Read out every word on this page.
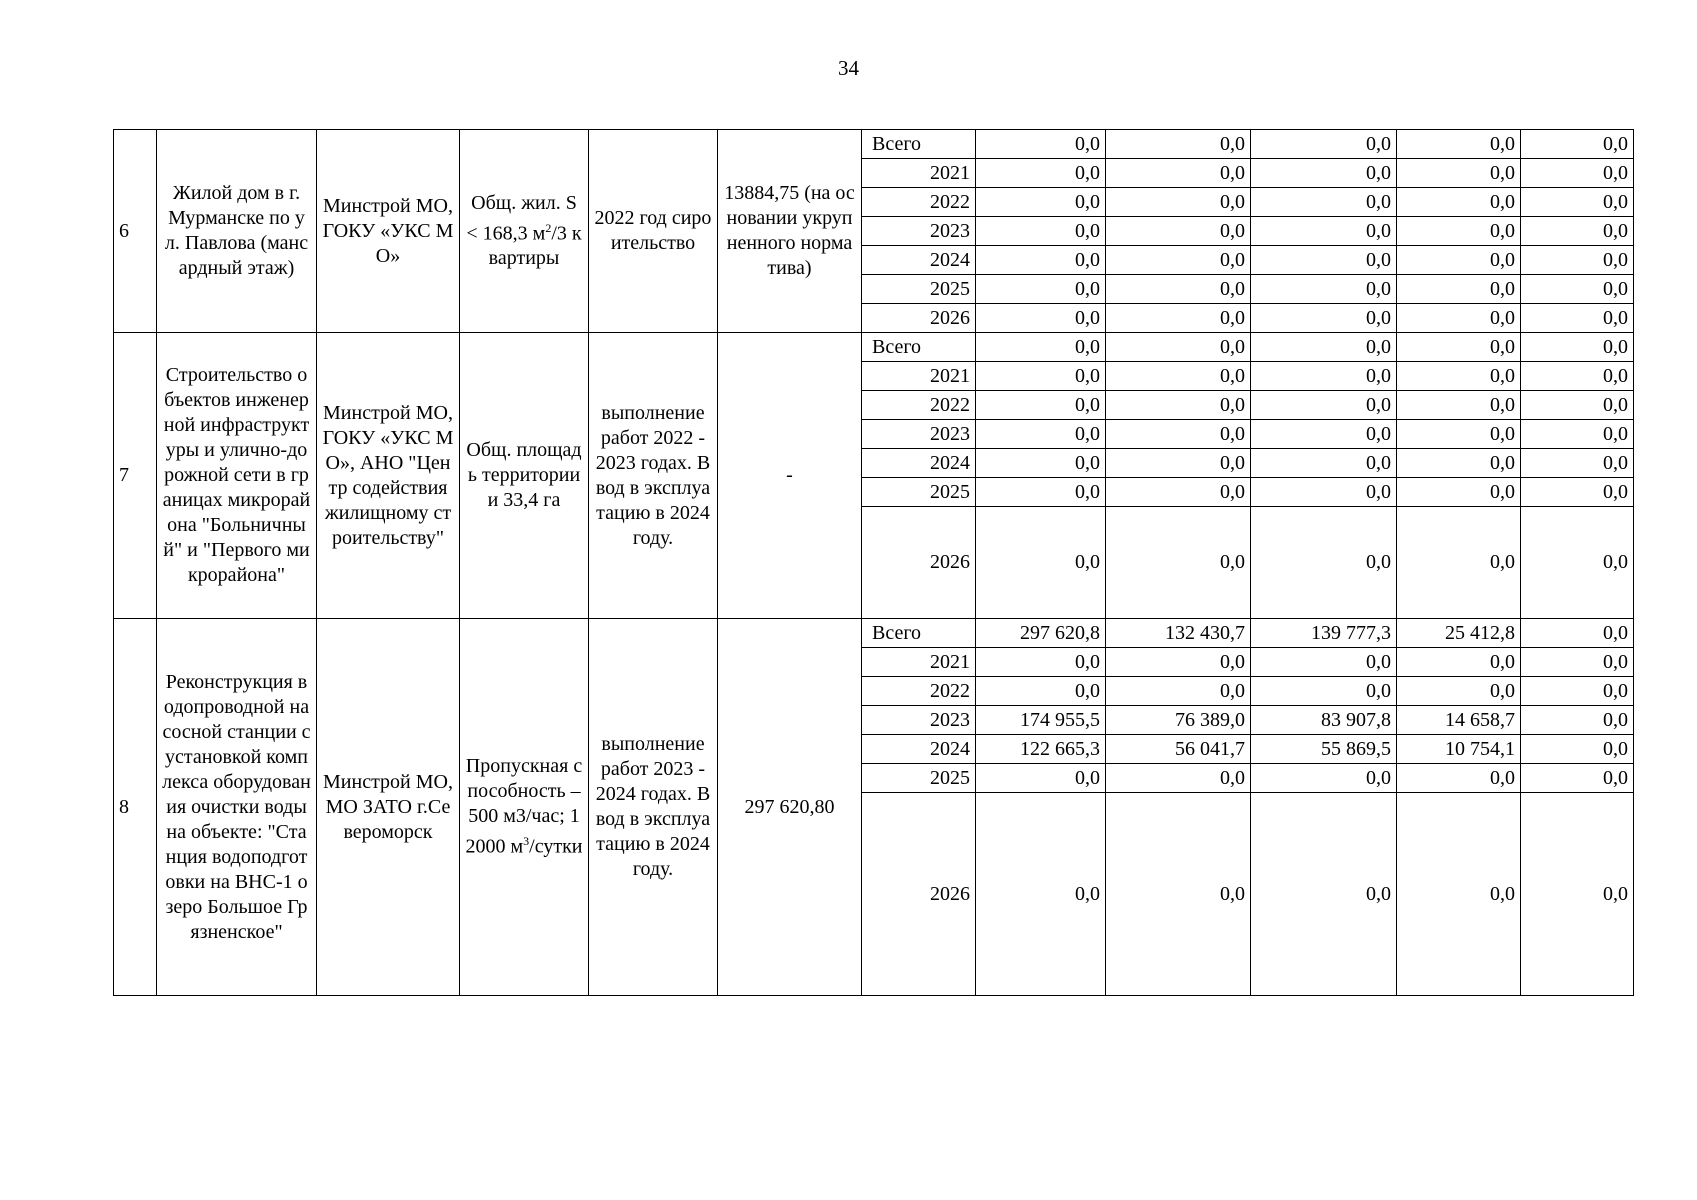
34
6	Жилой дом в г. Мурманске по ул. Павлова (мансардный этаж)	Минстрой МО, ГОКУ «УКС МО»	Общ. жил. S < 168,3 $м^2/3$ квартиры	2022 год сироительство	13884,75 (на основании укрупненного норматива)	Всего	0,0	0,0	0,0	0,0	0,0
						2021	0,0	0,0	0,0	0,0	0,0
						2022	0,0	0,0	0,0	0,0	0,0
						2023	0,0	0,0	0,0	0,0	0,0
						2024	0,0	0,0	0,0	0,0	0,0
						2025	0,0	0,0	0,0	0,0	0,0
						2026	0,0	0,0	0,0	0,0	0,0
7	Строительство объектов инженерной инфраструктуры и улично-дорожной сети в границах микрорайона "Больничный" и "Первого микрорайона"	Минстрой МО, ГОКУ «УКС МО», АНО "Центр содействия жилищному строительству"	Общ. площадь территории и 33,4 га	выполнение работ 2022 - 2023 годах. Ввод в эксплуатацию в 2024 году.	-	Всего	0,0	0,0	0,0	0,0	0,0
						2021	0,0	0,0	0,0	0,0	0,0
						2022	0,0	0,0	0,0	0,0	0,0
						2023	0,0	0,0	0,0	0,0	0,0
						2024	0,0	0,0	0,0	0,0	0,0
						2025	0,0	0,0	0,0	0,0	0,0
						2026	0,0	0,0	0,0	0,0	0,0
8	Реконструкция водопроводной насосной станции с установкой комплекса оборудования очистки воды на объекте: "Станция водоподготовки на ВНС-1 озеро Большое Грязненское"	Минстрой МО, МО ЗАТО г.Североморск	Пропускная способность – 500 м3/час; 12000 $м^3$/сутки	выполнение работ 2023 - 2024 годах. Ввод в эксплуатацию в 2024 году.	297 620,80	Всего	297 620,8	132 430,7	139 777,3	25 412,8	0,0
						2021	0,0	0,0	0,0	0,0	0,0
						2022	0,0	0,0	0,0	0,0	0,0
						2023	174 955,5	76 389,0	83 907,8	14 658,7	0,0
						2024	122 665,3	56 041,7	55 869,5	10 754,1	0,0
						2025	0,0	0,0	0,0	0,0	0,0
						2026	0,0	0,0	0,0	0,0	0,0
